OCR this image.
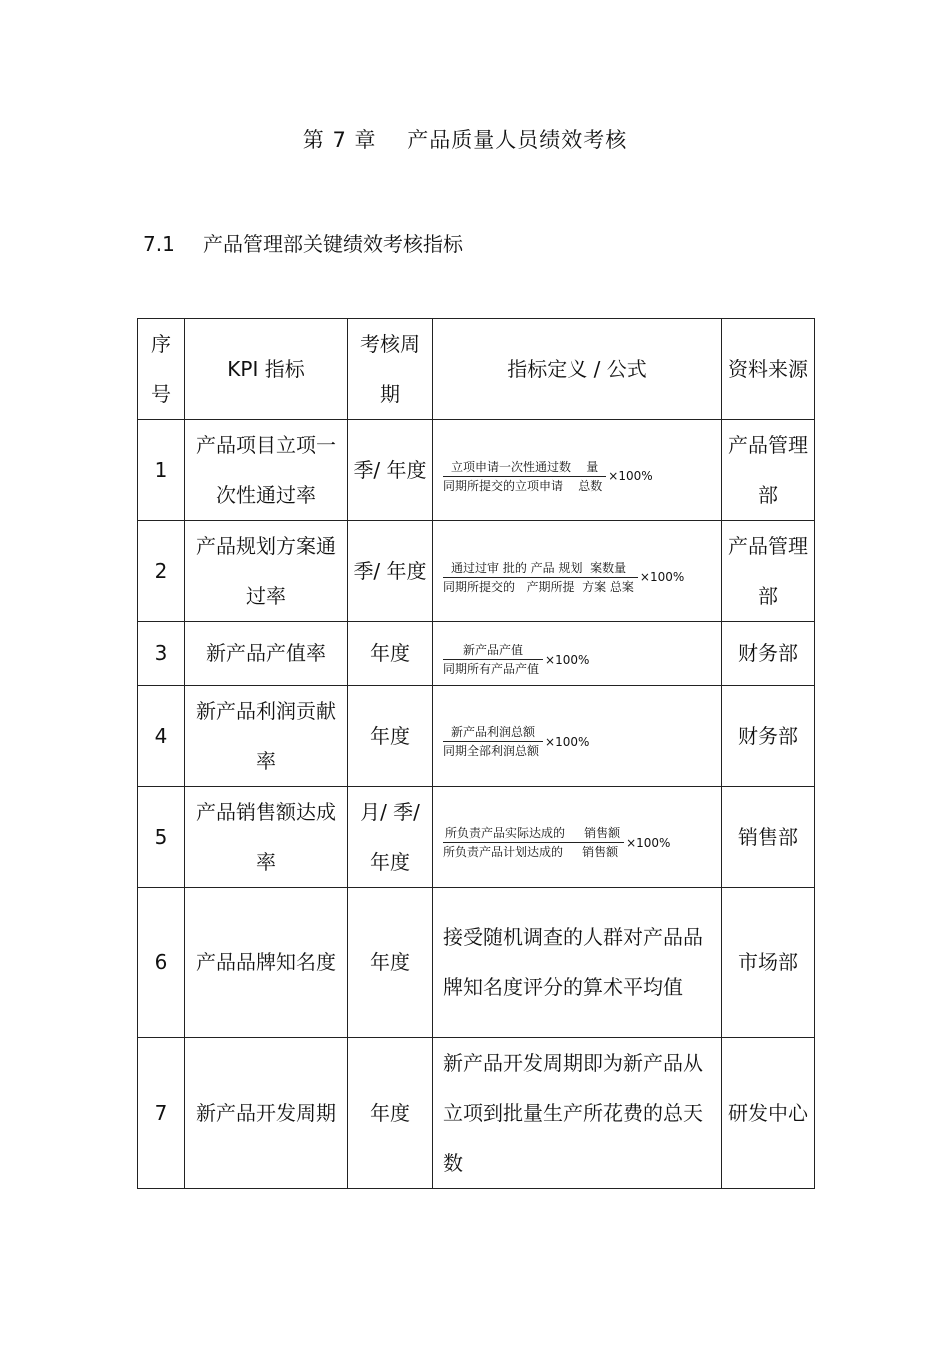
第 7 章    产品质量人员绩效考核
7.1 产品管理部关键绩效考核指标
序号	KPI 指标	考核周期	指标定义 / 公式	资料来源
1	产品项目立项一次性通过率	季/ 年度	$\frac{\text{立项申请一次性通过数    量}}{\text{同期所提交的立项申请    总数}} \times 100\%$	产品管理部
2	产品规划方案通过率	季/ 年度	$\frac{\text{通过过审 批的 产品 规划  案数量}}{\text{同期所提交的   产期所提  方案 总案}} \times 100\%$	产品管理部
3	新产品产值率	年度	$\frac{\text{新产品产值}}{\text{同期所有产品产值}} \times 100\%$	财务部
4	新产品利润贡献率	年度	$\frac{\text{新产品利润总额}}{\text{同期全部利润总额}} \times 100\%$	财务部
5	产品销售额达成率	月/ 季/ 年度	$\frac{\text{所负责产品实际达成的     销售额}}{\text{所负责产品计划达成的     销售额}} \times 100\%$	销售部
6	产品品牌知名度	年度	接受随机调查的人群对产品品牌知名度评分的算术平均值	市场部
7	新产品开发周期	年度	新产品开发周期即为新产品从立项到批量生产所花费的总天数	研发中心
